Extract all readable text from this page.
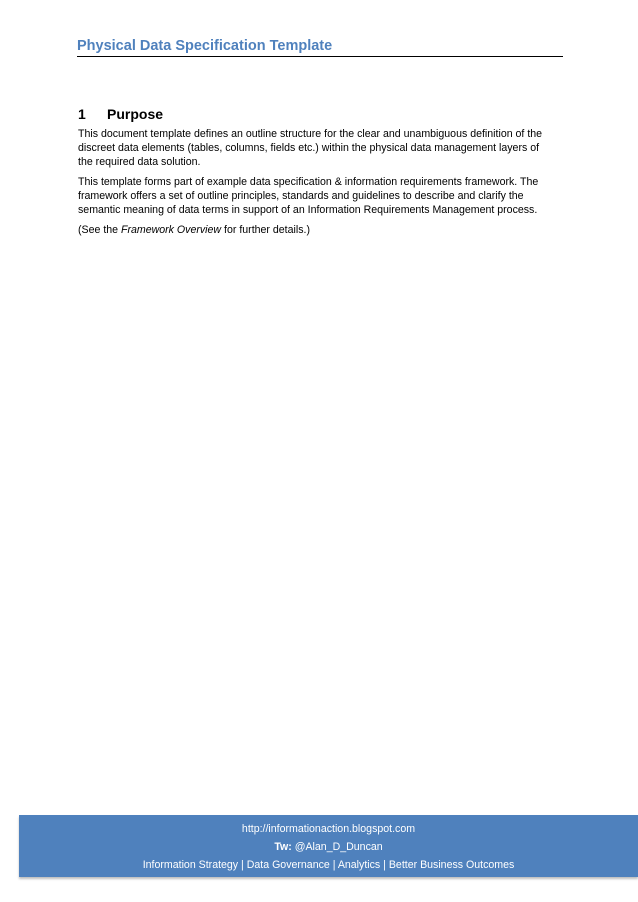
Physical Data Specification Template
1 Purpose

This document template defines an outline structure for the clear and unambiguous definition of the
discreet data elements (tables, columns, fields etc.) within the physical data management layers of
the required data solution.

This template forms part of example data specification & information requirements framework. The
framework offers a set of outline principles, standards and guidelines to describe and clarify the
semantic meaning of data terms in support of an Information Requirements Management process.

(See the Framework Overview for further details.)

http://informationaction.blogspot.com
Tw: @Alan_D_Duncan
Information Strategy | Data Governance | Analytics | Better Business Outcomes
